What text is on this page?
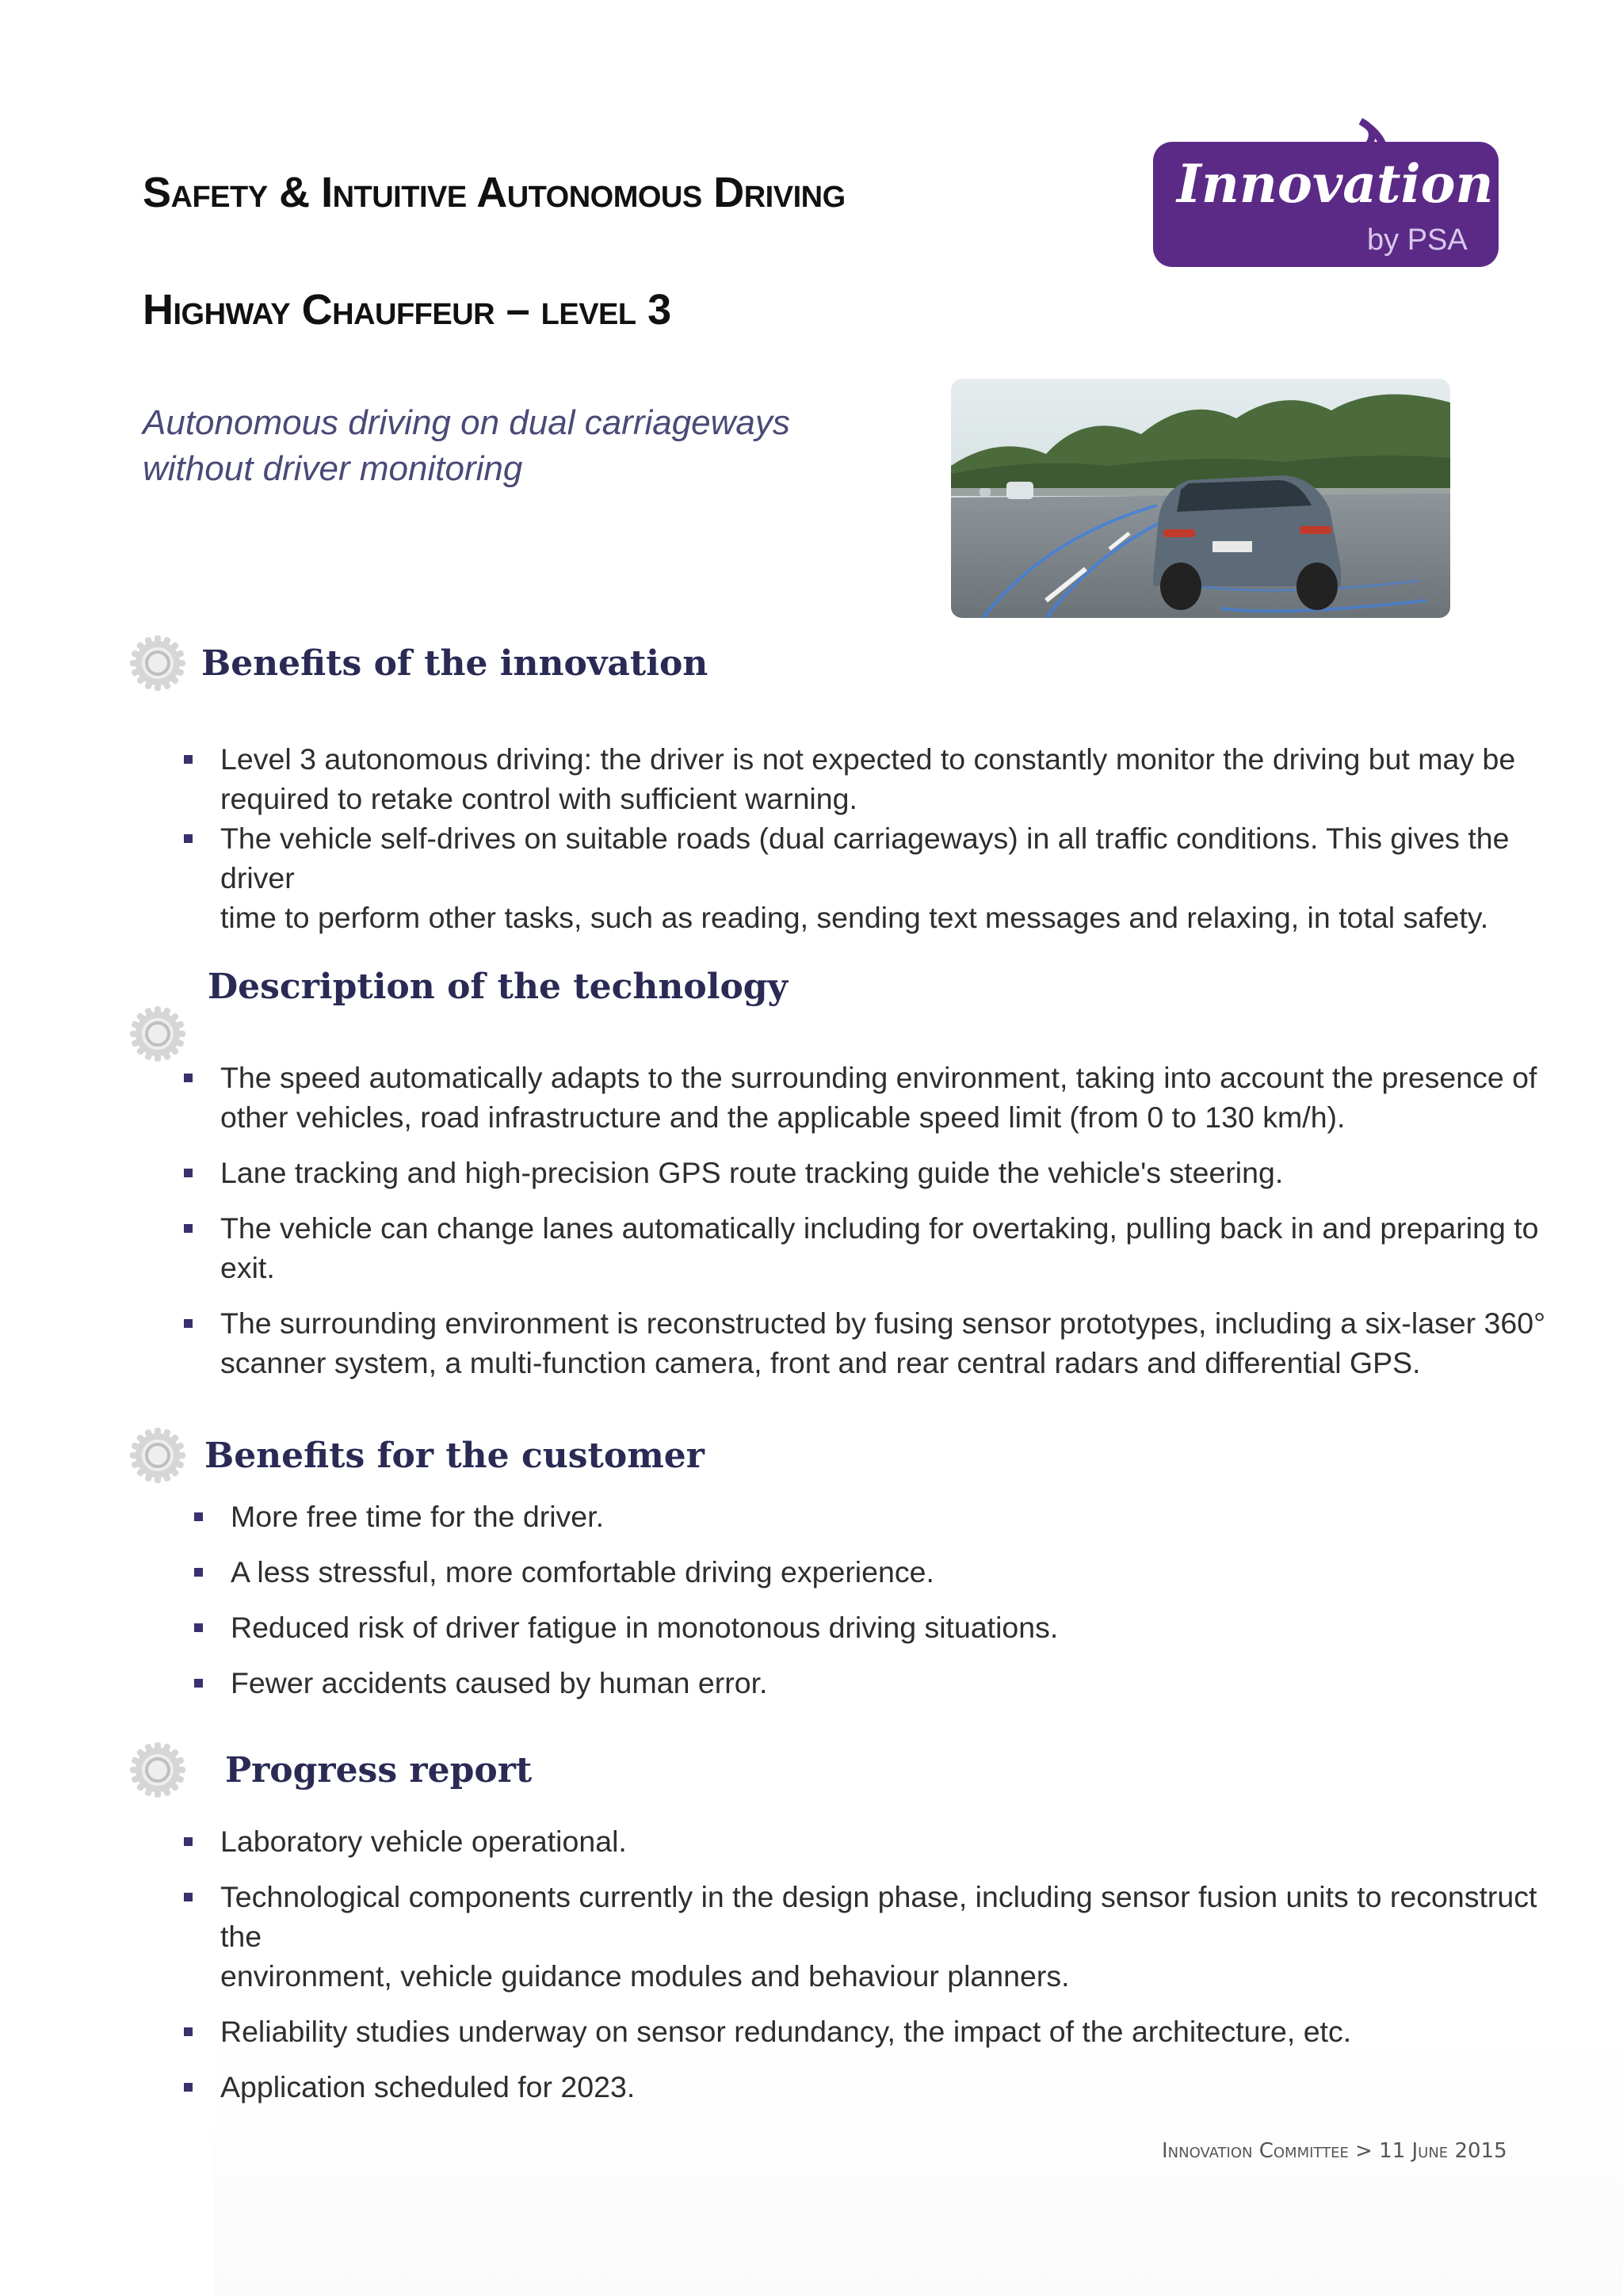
Safety & Intuitive Autonomous Driving
Highway Chauffeur – level 3
Innovation
by PSA
Autonomous driving on dual carriageways
without driver monitoring
Benefits of the innovation
Level 3 autonomous driving: the driver is not expected to constantly monitor the driving but may be
required to retake control with sufficient warning.
The vehicle self-drives on suitable roads (dual carriageways) in all traffic conditions. This gives the driver
time to perform other tasks, such as reading, sending text messages and relaxing, in total safety.
Description of the technology
The speed automatically adapts to the surrounding environment, taking into account the presence of
other vehicles, road infrastructure and the applicable speed limit (from 0 to 130 km/h).
Lane tracking and high-precision GPS route tracking guide the vehicle's steering.
The vehicle can change lanes automatically including for overtaking, pulling back in and preparing to
exit.
The surrounding environment is reconstructed by fusing sensor prototypes, including a six-laser 360°
scanner system, a multi-function camera, front and rear central radars and differential GPS.
Benefits for the customer
More free time for the driver.
A less stressful, more comfortable driving experience.
Reduced risk of driver fatigue in monotonous driving situations.
Fewer accidents caused by human error.
Progress report
Laboratory vehicle operational.
Technological components currently in the design phase, including sensor fusion units to reconstruct the
environment, vehicle guidance modules and behaviour planners.
Reliability studies underway on sensor redundancy, the impact of the architecture, etc.
Application scheduled for 2023.
Innovation Committee > 11 June 2015
